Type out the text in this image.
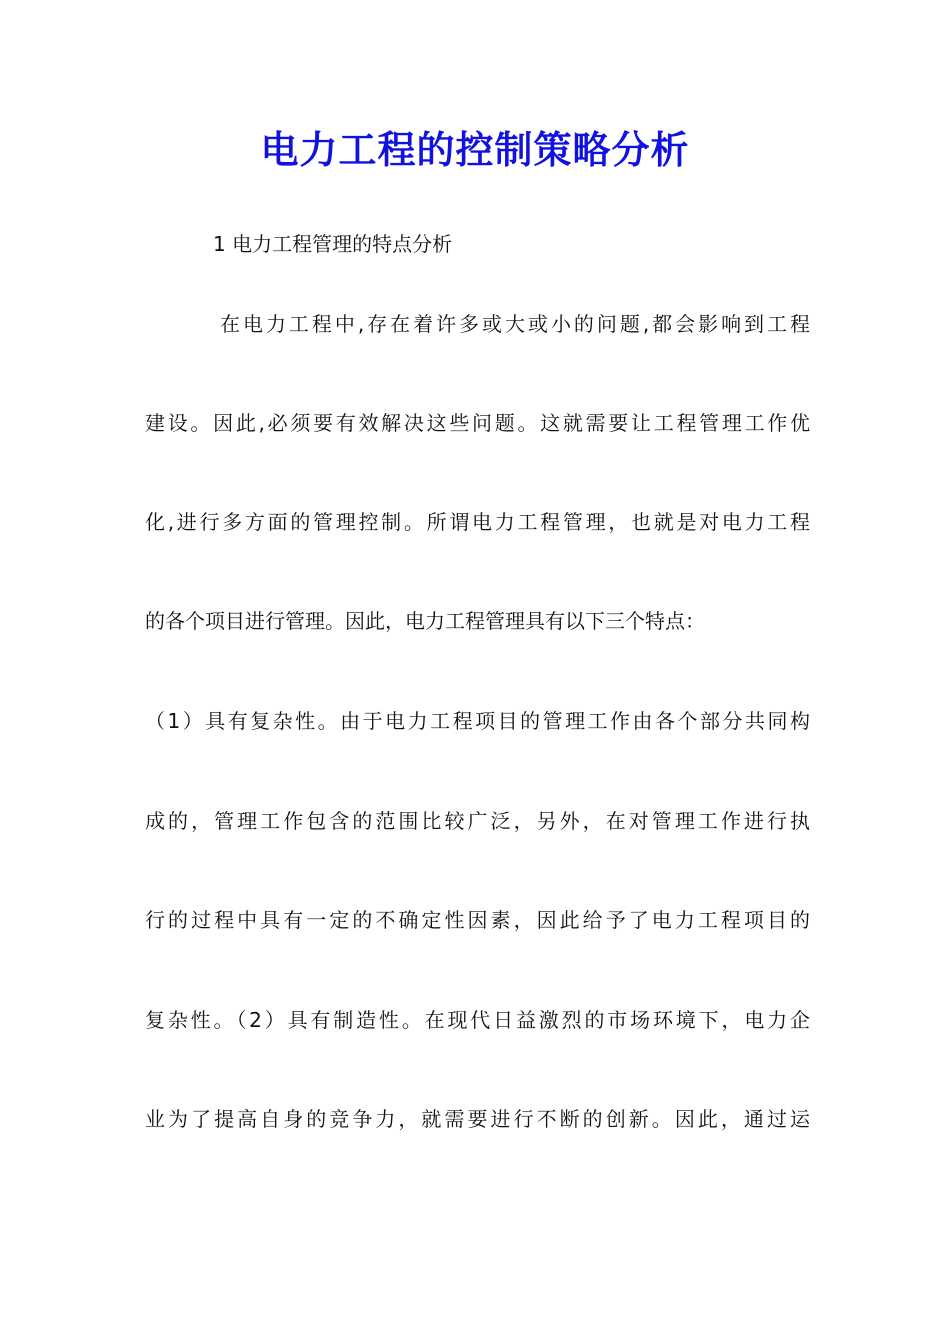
电力工程的控制策略分析
1 电力工程管理的特点分析
在电力工程中,存在着许多或大或小的问题,都会影响到工程
建设。因此,必须要有效解决这些问题。这就需要让工程管理工作优
化,进行多方面的管理控制。所谓电力工程管理，也就是对电力工程
的各个项目进行管理。因此，电力工程管理具有以下三个特点：
（1）具有复杂性。由于电力工程项目的管理工作由各个部分共同构
成的，管理工作包含的范围比较广泛，另外，在对管理工作进行执
行的过程中具有一定的不确定性因素，因此给予了电力工程项目的
复杂性。（2）具有制造性。在现代日益激烈的市场环境下，电力企
业为了提高自身的竞争力，就需要进行不断的创新。因此，通过运
